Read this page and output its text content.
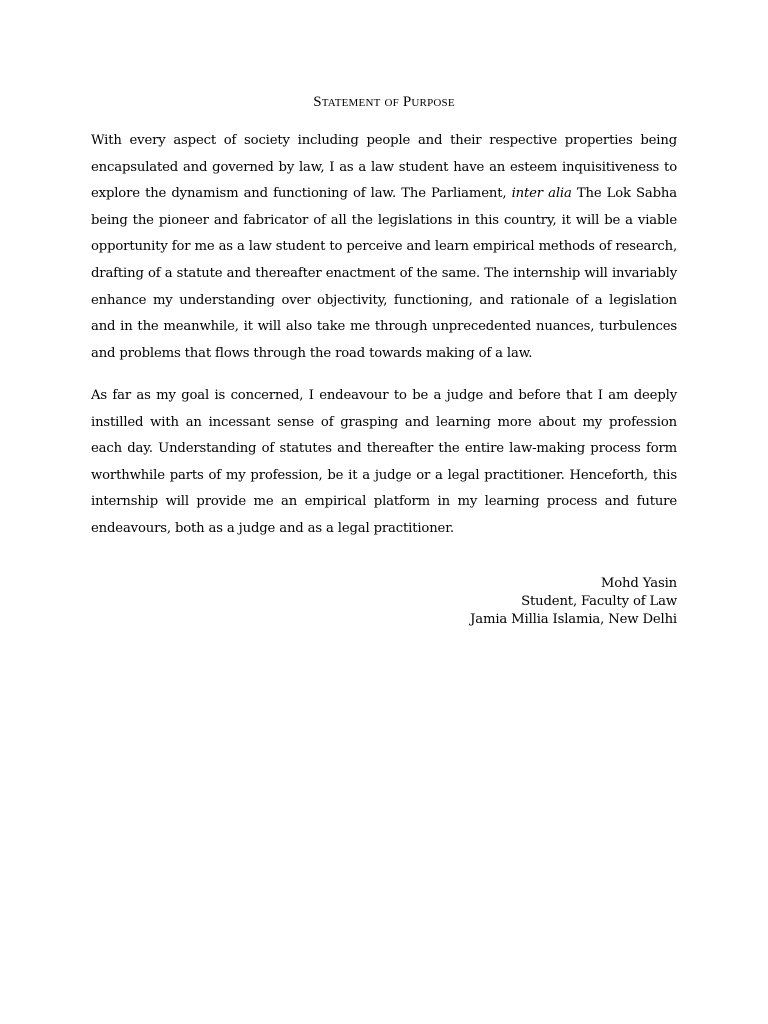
Statement of Purpose

With every aspect of society including people and their respective properties being encapsulated and governed by law, I as a law student have an esteem inquisitiveness to explore the dynamism and functioning of law. The Parliament, inter alia The Lok Sabha being the pioneer and fabricator of all the legislations in this country, it will be a viable opportunity for me as a law student to perceive and learn empirical methods of research, drafting of a statute and thereafter enactment of the same. The internship will invariably enhance my understanding over objectivity, functioning, and rationale of a legislation and in the meanwhile, it will also take me through unprecedented nuances, turbulences and problems that flows through the road towards making of a law.

As far as my goal is concerned, I endeavour to be a judge and before that I am deeply instilled with an incessant sense of grasping and learning more about my profession each day. Understanding of statutes and thereafter the entire law-making process form worthwhile parts of my profession, be it a judge or a legal practitioner. Henceforth, this internship will provide me an empirical platform in my learning process and future endeavours, both as a judge and as a legal practitioner.

Mohd Yasin
Student, Faculty of Law
Jamia Millia Islamia, New Delhi
